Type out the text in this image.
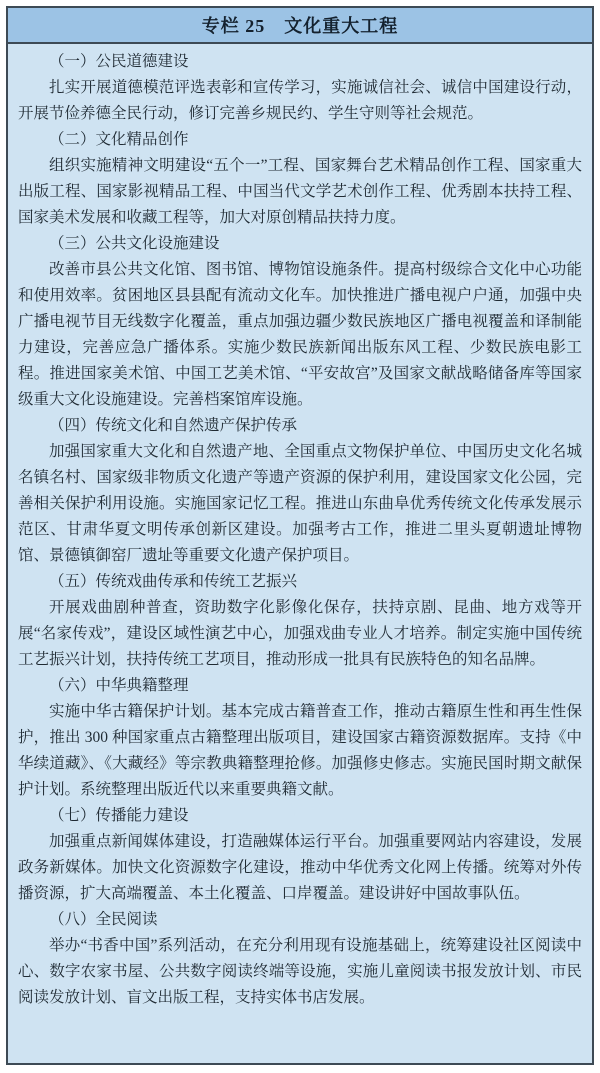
专栏 25　文化重大工程
（一）公民道德建设

扎实开展道德模范评选表彰和宣传学习，实施诚信社会、诚信中国建设行动，开展节俭养德全民行动，修订完善乡规民约、学生守则等社会规范。

（二）文化精品创作

组织实施精神文明建设“五个一”工程、国家舞台艺术精品创作工程、国家重大出版工程、国家影视精品工程、中国当代文学艺术创作工程、优秀剧本扶持工程、国家美术发展和收藏工程等，加大对原创精品扶持力度。

（三）公共文化设施建设

改善市县公共文化馆、图书馆、博物馆设施条件。提高村级综合文化中心功能和使用效率。贫困地区县县配有流动文化车。加快推进广播电视户户通，加强中央广播电视节目无线数字化覆盖，重点加强边疆少数民族地区广播电视覆盖和译制能力建设，完善应急广播体系。实施少数民族新闻出版东风工程、少数民族电影工程。推进国家美术馆、中国工艺美术馆、“平安故宫”及国家文献战略储备库等国家级重大文化设施建设。完善档案馆库设施。

（四）传统文化和自然遗产保护传承

加强国家重大文化和自然遗产地、全国重点文物保护单位、中国历史文化名城名镇名村、国家级非物质文化遗产等遗产资源的保护利用，建设国家文化公园，完善相关保护利用设施。实施国家记忆工程。推进山东曲阜优秀传统文化传承发展示范区、甘肃华夏文明传承创新区建设。加强考古工作，推进二里头夏朝遗址博物馆、景德镇御窑厂遗址等重要文化遗产保护项目。

（五）传统戏曲传承和传统工艺振兴

开展戏曲剧种普查，资助数字化影像化保存，扶持京剧、昆曲、地方戏等开展“名家传戏”，建设区域性演艺中心，加强戏曲专业人才培养。制定实施中国传统工艺振兴计划，扶持传统工艺项目，推动形成一批具有民族特色的知名品牌。

（六）中华典籍整理

实施中华古籍保护计划。基本完成古籍普查工作，推动古籍原生性和再生性保护，推出 300 种国家重点古籍整理出版项目，建设国家古籍资源数据库。支持《中华续道藏》、《大藏经》等宗教典籍整理抢修。加强修史修志。实施民国时期文献保护计划。系统整理出版近代以来重要典籍文献。

（七）传播能力建设

加强重点新闻媒体建设，打造融媒体运行平台。加强重要网站内容建设，发展政务新媒体。加快文化资源数字化建设，推动中华优秀文化网上传播。统筹对外传播资源，扩大高端覆盖、本土化覆盖、口岸覆盖。建设讲好中国故事队伍。

（八）全民阅读

举办“书香中国”系列活动，在充分利用现有设施基础上，统筹建设社区阅读中心、数字农家书屋、公共数字阅读终端等设施，实施儿童阅读书报发放计划、市民阅读发放计划、盲文出版工程，支持实体书店发展。
